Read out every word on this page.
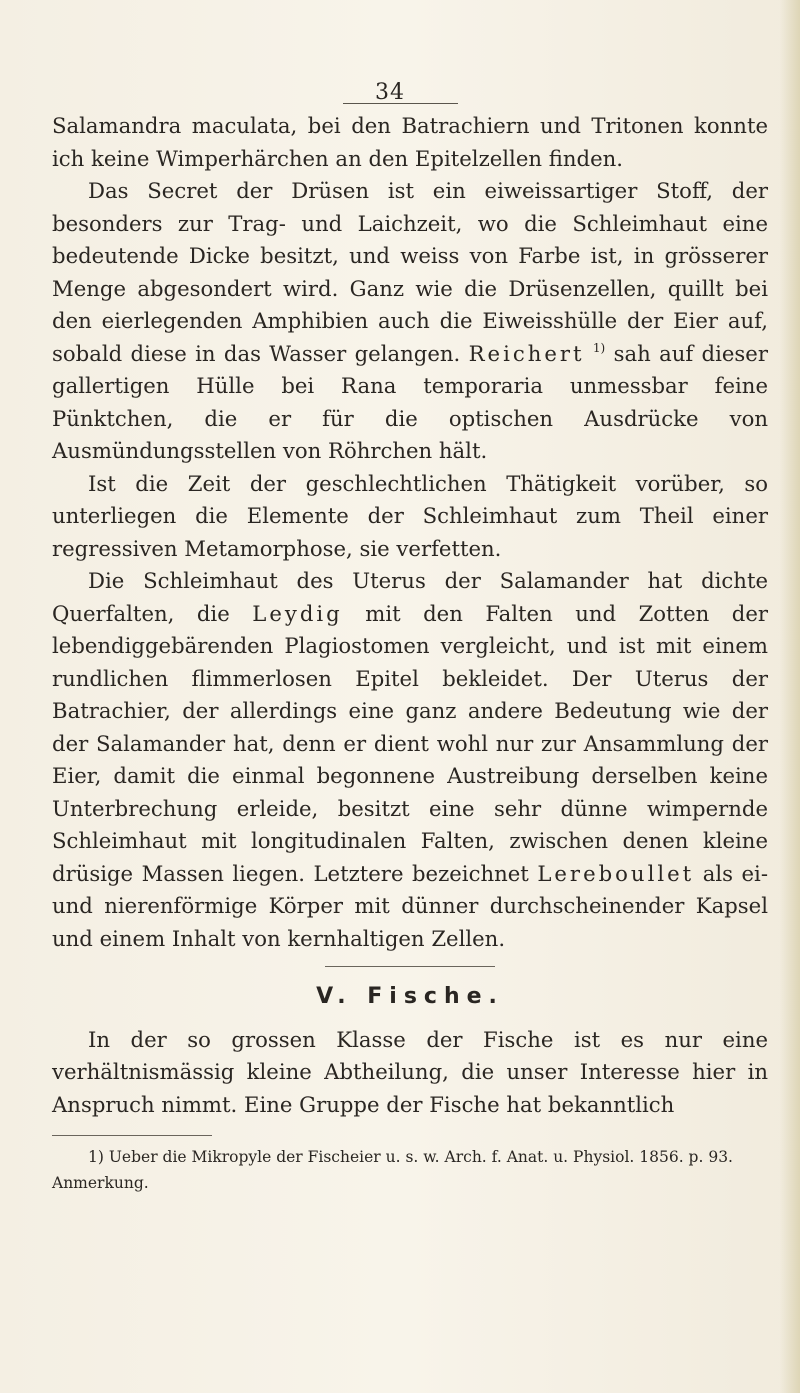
34

Salamandra maculata, bei den Batrachiern und Tritonen konnte ich keine Wimperhärchen an den Epitelzellen finden.

Das Secret der Drüsen ist ein eiweissartiger Stoff, der besonders zur Trag- und Laichzeit, wo die Schleimhaut eine bedeutende Dicke besitzt, und weiss von Farbe ist, in grösserer Menge abgesondert wird. Ganz wie die Drüsenzellen, quillt bei den eierlegenden Amphibien auch die Eiweisshülle der Eier auf, sobald diese in das Wasser gelangen. Reichert $^{1)}$ sah auf dieser gallertigen Hülle bei Rana temporaria unmessbar feine Pünktchen, die er für die optischen Ausdrücke von Ausmündungsstellen von Röhrchen hält.

Ist die Zeit der geschlechtlichen Thätigkeit vorüber, so unterliegen die Elemente der Schleimhaut zum Theil einer regressiven Metamorphose, sie verfetten.

Die Schleimhaut des Uterus der Salamander hat dichte Querfalten, die Leydig mit den Falten und Zotten der lebendiggebärenden Plagiostomen vergleicht, und ist mit einem rundlichen flimmerlosen Epitel bekleidet. Der Uterus der Batrachier, der allerdings eine ganz andere Bedeutung wie der der Salamander hat, denn er dient wohl nur zur Ansammlung der Eier, damit die einmal begonnene Austreibung derselben keine Unterbrechung erleide, besitzt eine sehr dünne wimpernde Schleimhaut mit longitudinalen Falten, zwischen denen kleine drüsige Massen liegen. Letztere bezeichnet Lereboullet als ei- und nierenförmige Körper mit dünner durchscheinender Kapsel und einem Inhalt von kernhaltigen Zellen.

V. Fische.

In der so grossen Klasse der Fische ist es nur eine verhältnismässig kleine Abtheilung, die unser Interesse hier in Anspruch nimmt. Eine Gruppe der Fische hat bekanntlich

1) Ueber die Mikropyle der Fischeier u. s. w. Arch. f. Anat. u. Physiol. 1856. p. 93. Anmerkung.
